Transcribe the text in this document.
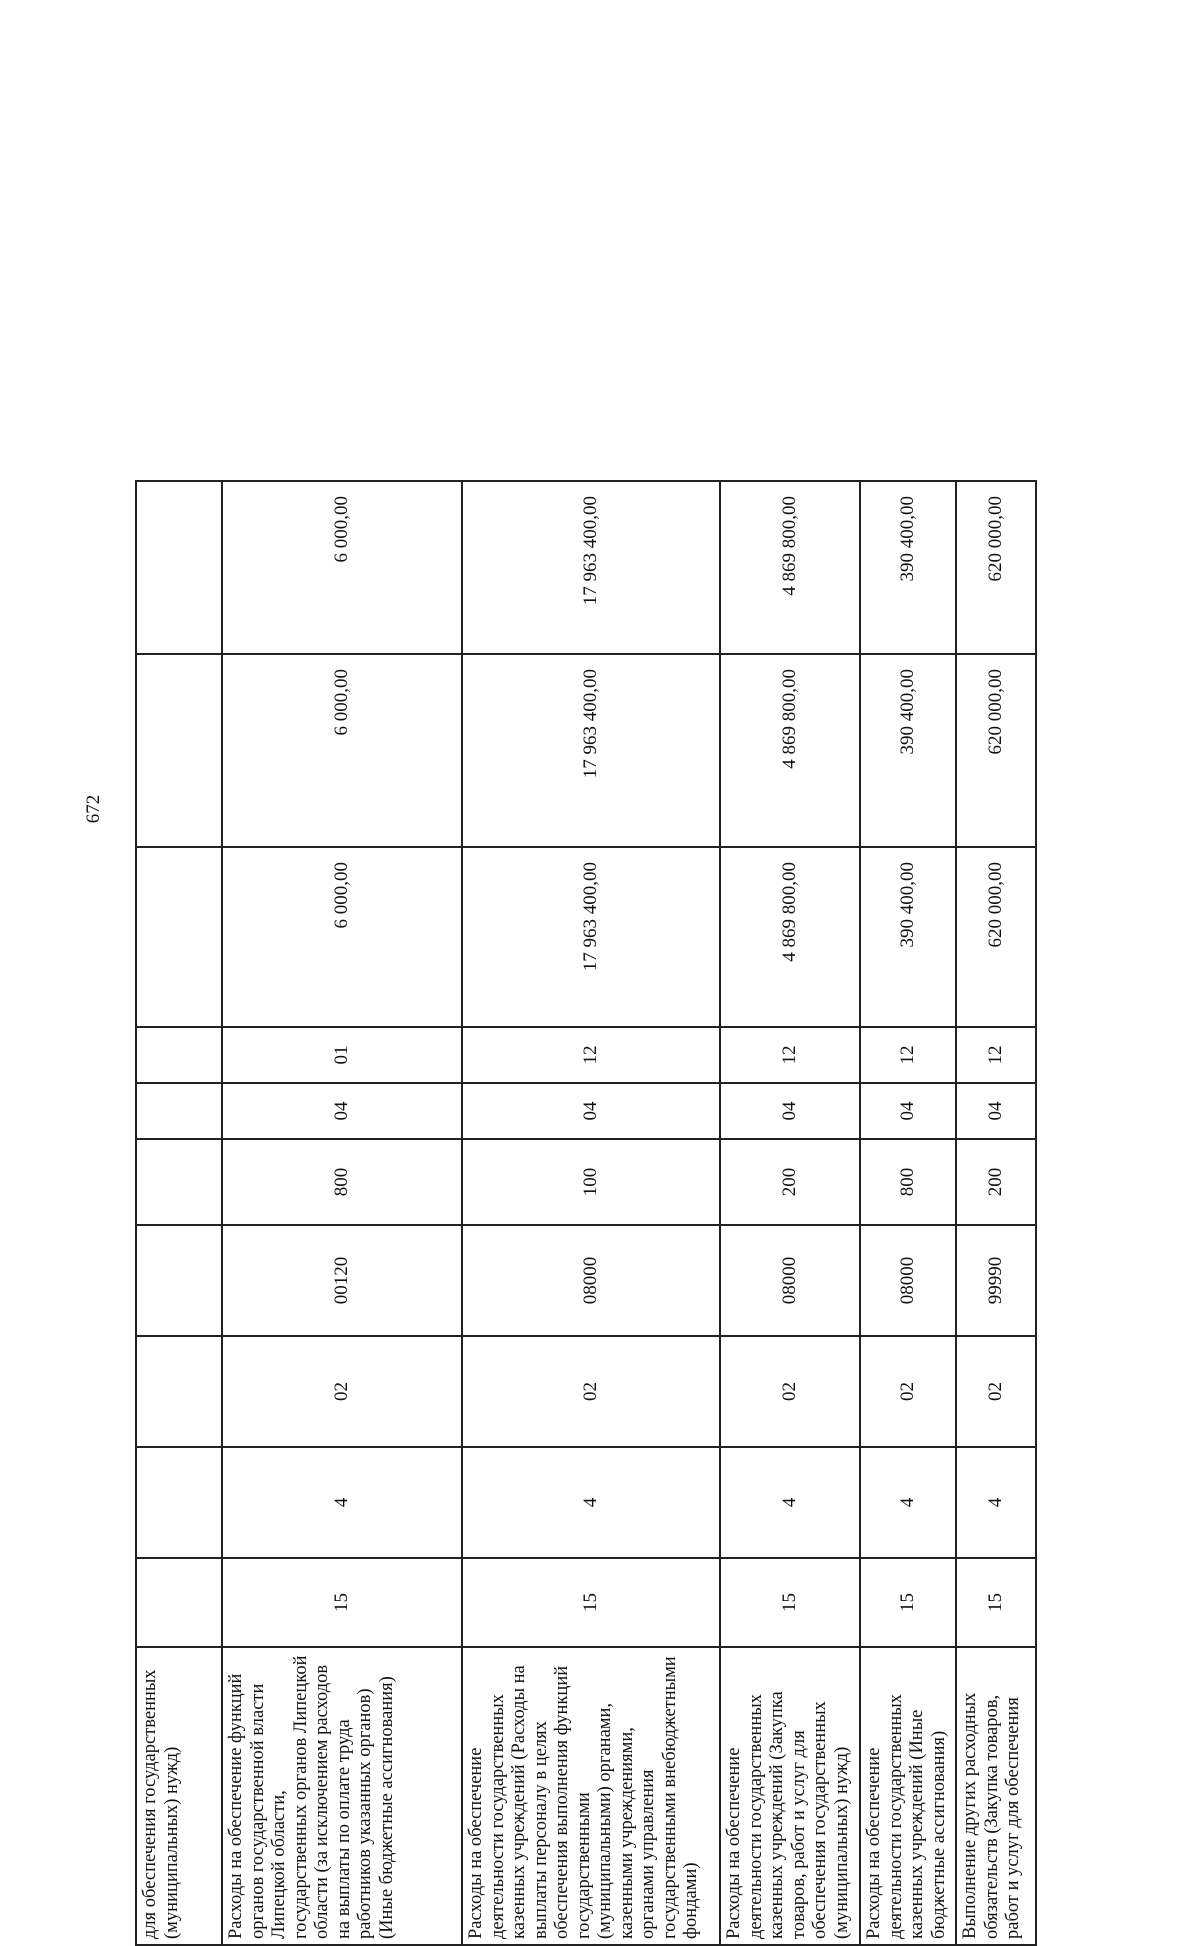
672
для обеспечения государственных (муниципальных) нужд)										
Расходы на обеспечение функций органов государственной власти Липецкой области, государственных органов Липецкой области (за исключением расходов на выплаты по оплате труда работников указанных органов) (Иные бюджетные ассигнования)	15	4	02	00120	800	04	01	6 000,00	6 000,00	6 000,00
Расходы на обеспечение деятельности государственных казенных учреждений (Расходы на выплаты персоналу в целях обеспечения выполнения функций государственными (муниципальными) органами, казенными учреждениями, органами управления государственными внебюджетными фондами)	15	4	02	08000	100	04	12	17 963 400,00	17 963 400,00	17 963 400,00
Расходы на обеспечение деятельности государственных казенных учреждений (Закупка товаров, работ и услуг для обеспечения государственных (муниципальных) нужд)	15	4	02	08000	200	04	12	4 869 800,00	4 869 800,00	4 869 800,00
Расходы на обеспечение деятельности государственных казенных учреждений (Иные бюджетные ассигнования)	15	4	02	08000	800	04	12	390 400,00	390 400,00	390 400,00
Выполнение других расходных обязательств (Закупка товаров, работ и услуг для обеспечения	15	4	02	99990	200	04	12	620 000,00	620 000,00	620 000,00
